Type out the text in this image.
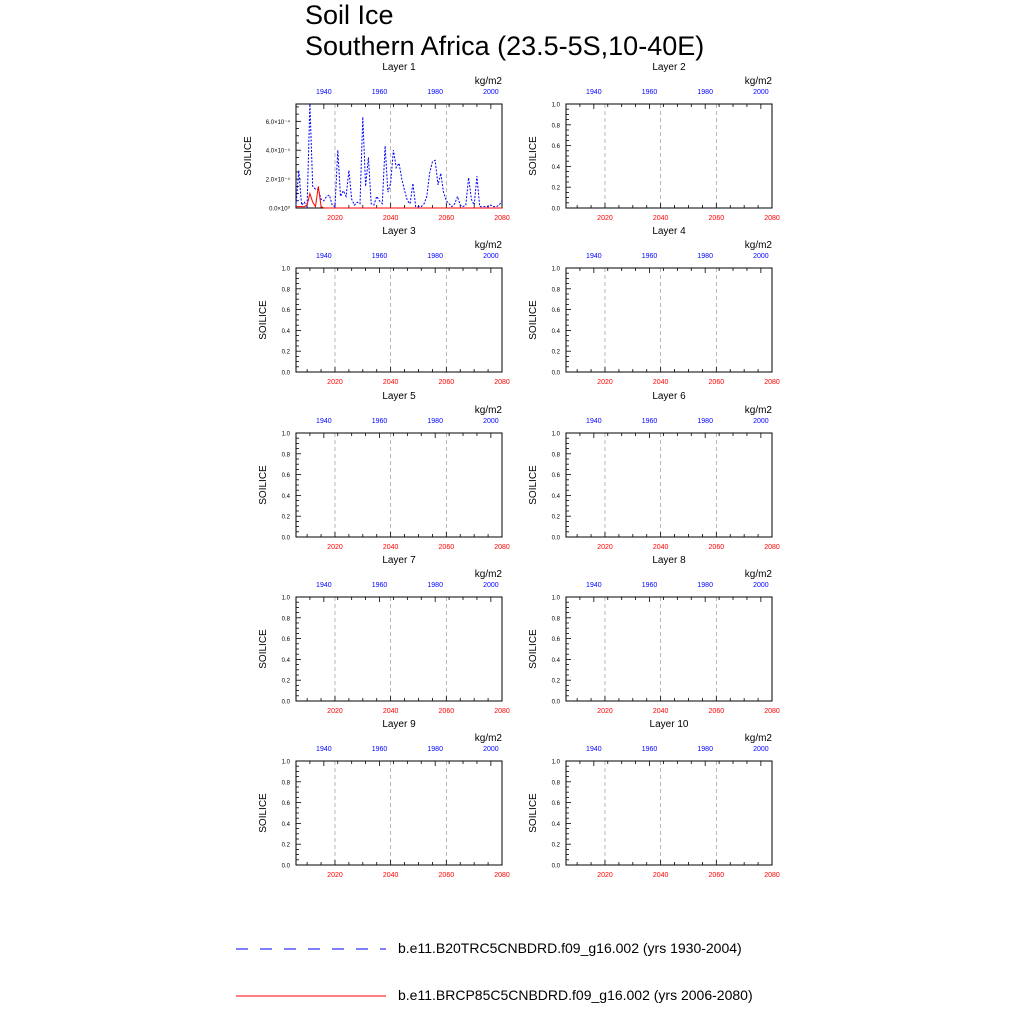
Soil Ice
Southern Africa (23.5-5S,10-40E)
Layer 1
kg/m2
2020	2040	2060	2080
1940	1960	1980	2000
0.0×10⁰
2.0×10⁻⁴
4.0×10⁻⁴
6.0×10⁻⁴
SOILICE
Layer 2
kg/m2
2020	2040	2060	2080
1940	1960	1980	2000
0.0
0.2
0.4
0.6
0.8
1.0
SOILICE
Layer 3
kg/m2
2020	2040	2060	2080
1940	1960	1980	2000
0.0
0.2
0.4
0.6
0.8
1.0
SOILICE
Layer 4
kg/m2
2020	2040	2060	2080
1940	1960	1980	2000
0.0
0.2
0.4
0.6
0.8
1.0
SOILICE
Layer 5
kg/m2
2020	2040	2060	2080
1940	1960	1980	2000
0.0
0.2
0.4
0.6
0.8
1.0
SOILICE
Layer 6
kg/m2
2020	2040	2060	2080
1940	1960	1980	2000
0.0
0.2
0.4
0.6
0.8
1.0
SOILICE
Layer 7
kg/m2
2020	2040	2060	2080
1940	1960	1980	2000
0.0
0.2
0.4
0.6
0.8
1.0
SOILICE
Layer 8
kg/m2
2020	2040	2060	2080
1940	1960	1980	2000
0.0
0.2
0.4
0.6
0.8
1.0
SOILICE
Layer 9
kg/m2
2020	2040	2060	2080
1940	1960	1980	2000
0.0
0.2
0.4
0.6
0.8
1.0
SOILICE
Layer 10
kg/m2
2020	2040	2060	2080
1940	1960	1980	2000
0.0
0.2
0.4
0.6
0.8
1.0
SOILICE
b.e11.B20TRC5CNBDRD.f09_g16.002 (yrs 1930-2004)
b.e11.BRCP85C5CNBDRD.f09_g16.002 (yrs 2006-2080)
